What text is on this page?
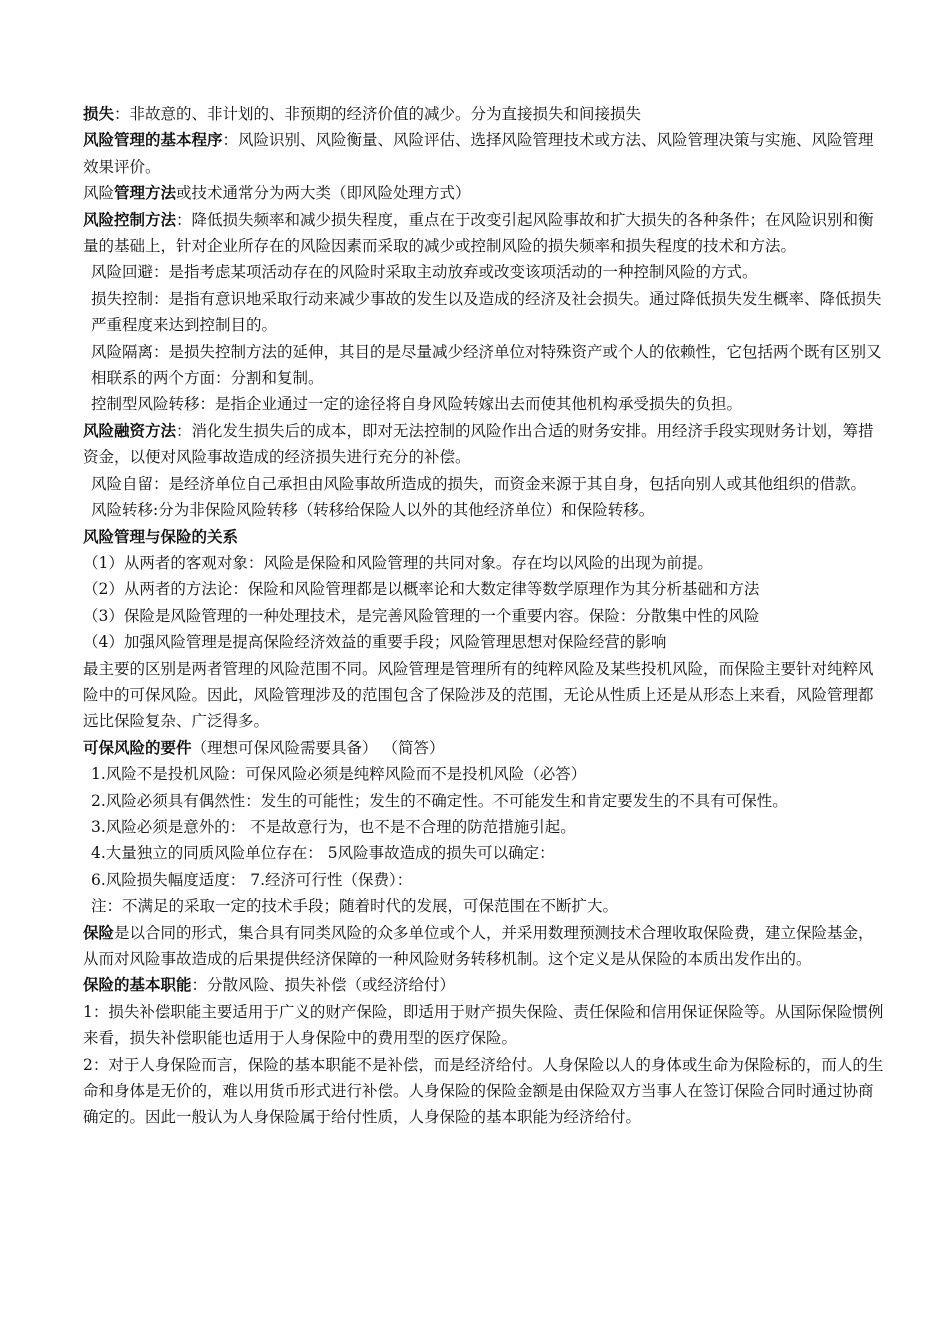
损失：非故意的、非计划的、非预期的经济价值的减少。分为直接损失和间接损失

风险管理的基本程序：风险识别、风险衡量、风险评估、选择风险管理技术或方法、风险管理决策与实施、风险管理效果评价。

风险管理方法或技术通常分为两大类（即风险处理方式）

风险控制方法：降低损失频率和减少损失程度，重点在于改变引起风险事故和扩大损失的各种条件；在风险识别和衡量的基础上，针对企业所存在的风险因素而采取的减少或控制风险的损失频率和损失程度的技术和方法。

风险回避：是指考虑某项活动存在的风险时采取主动放弃或改变该项活动的一种控制风险的方式。

损失控制：是指有意识地采取行动来减少事故的发生以及造成的经济及社会损失。通过降低损失发生概率、降低损失严重程度来达到控制目的。

风险隔离：是损失控制方法的延伸，其目的是尽量减少经济单位对特殊资产或个人的依赖性，它包括两个既有区别又相联系的两个方面：分割和复制。

控制型风险转移：是指企业通过一定的途径将自身风险转嫁出去而使其他机构承受损失的负担。

风险融资方法：消化发生损失后的成本，即对无法控制的风险作出合适的财务安排。用经济手段实现财务计划，筹措资金，以便对风险事故造成的经济损失进行充分的补偿。

风险自留：是经济单位自己承担由风险事故所造成的损失，而资金来源于其自身，包括向别人或其他组织的借款。

风险转移:分为非保险风险转移（转移给保险人以外的其他经济单位）和保险转移。

风险管理与保险的关系

（1）从两者的客观对象：风险是保险和风险管理的共同对象。存在均以风险的出现为前提。

（2）从两者的方法论：保险和风险管理都是以概率论和大数定律等数学原理作为其分析基础和方法

（3）保险是风险管理的一种处理技术，是完善风险管理的一个重要内容。保险：分散集中性的风险

（4）加强风险管理是提高保险经济效益的重要手段；风险管理思想对保险经营的影响

最主要的区别是两者管理的风险范围不同。风险管理是管理所有的纯粹风险及某些投机风险，而保险主要针对纯粹风险中的可保风险。因此，风险管理涉及的范围包含了保险涉及的范围，无论从性质上还是从形态上来看，风险管理都远比保险复杂、广泛得多。

可保风险的要件（理想可保风险需要具备） （简答）

1.风险不是投机风险：可保风险必须是纯粹风险而不是投机风险（必答）

2.风险必须具有偶然性：发生的可能性；发生的不确定性。不可能发生和肯定要发生的不具有可保性。

3.风险必须是意外的： 不是故意行为，也不是不合理的防范措施引起。

4.大量独立的同质风险单位存在： 5风险事故造成的损失可以确定：

6.风险损失幅度适度： 7.经济可行性（保费）：

注：不满足的采取一定的技术手段；随着时代的发展，可保范围在不断扩大。

保险是以合同的形式，集合具有同类风险的众多单位或个人，并采用数理预测技术合理收取保险费，建立保险基金，从而对风险事故造成的后果提供经济保障的一种风险财务转移机制。这个定义是从保险的本质出发作出的。

保险的基本职能：分散风险、损失补偿（或经济给付）

1：损失补偿职能主要适用于广义的财产保险，即适用于财产损失保险、责任保险和信用保证保险等。从国际保险惯例来看，损失补偿职能也适用于人身保险中的费用型的医疗保险。

2：对于人身保险而言，保险的基本职能不是补偿，而是经济给付。人身保险以人的身体或生命为保险标的，而人的生命和身体是无价的，难以用货币形式进行补偿。人身保险的保险金额是由保险双方当事人在签订保险合同时通过协商确定的。因此一般认为人身保险属于给付性质，人身保险的基本职能为经济给付。
